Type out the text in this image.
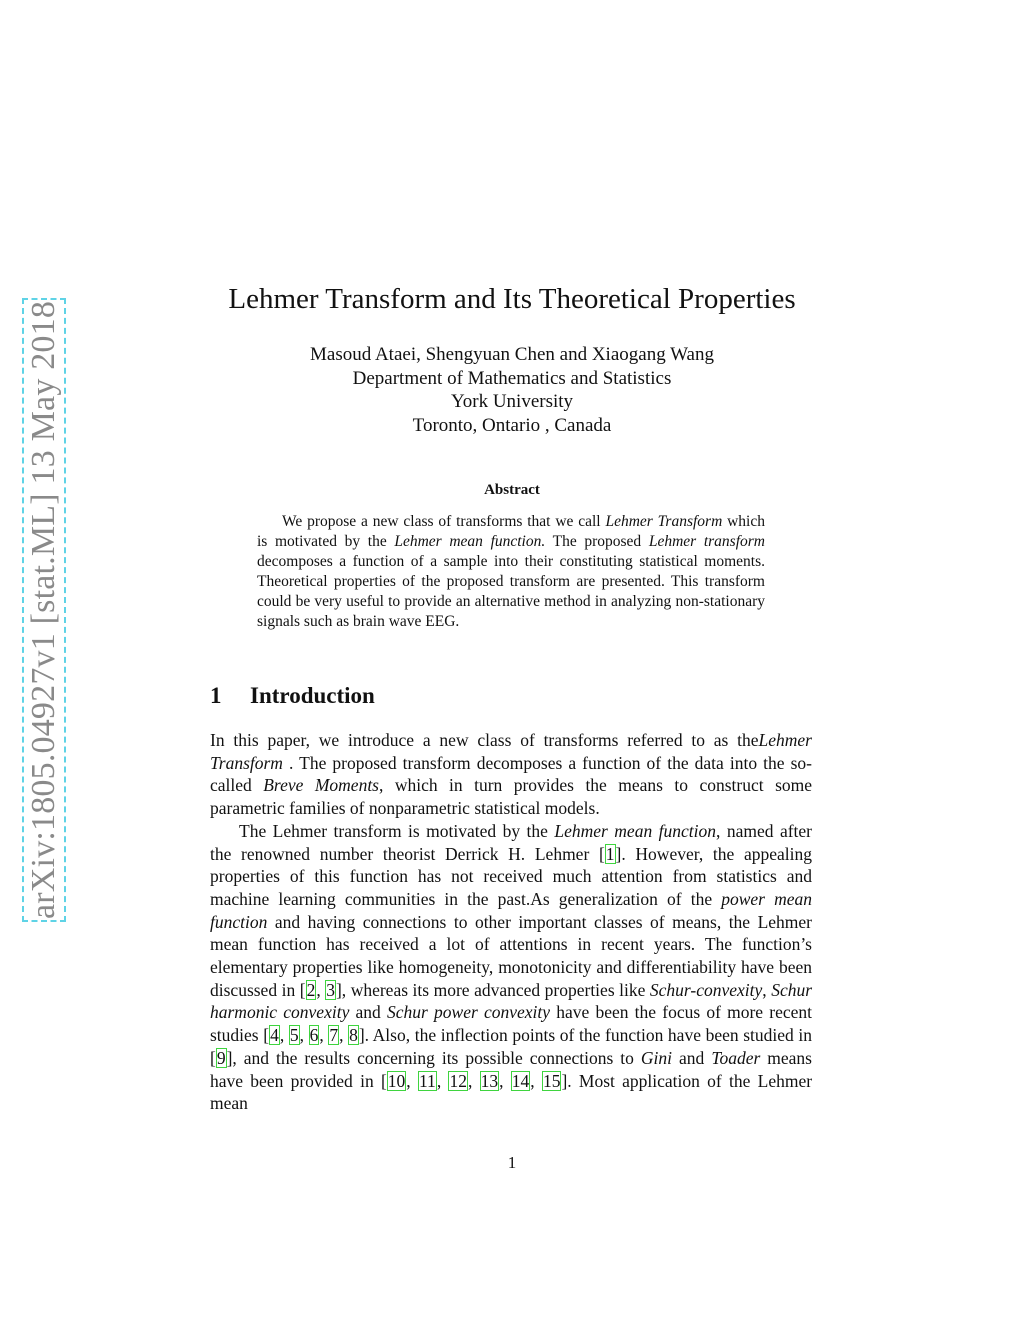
arXiv:1805.04927v1 [stat.ML] 13 May 2018
Lehmer Transform and Its Theoretical Properties
Masoud Ataei, Shengyuan Chen and Xiaogang Wang
Department of Mathematics and Statistics
York University
Toronto, Ontario , Canada
Abstract

We propose a new class of transforms that we call Lehmer Transform which is motivated by the Lehmer mean function. The proposed Lehmer transform decomposes a function of a sample into their constituting statistical moments. Theoretical properties of the proposed transform are presented. This transform could be very useful to provide an alternative method in analyzing non-stationary signals such as brain wave EEG.

1 Introduction

In this paper, we introduce a new class of transforms referred to as theLehmer Transform . The proposed transform decomposes a function of the data into the so-called Breve Moments, which in turn provides the means to construct some parametric families of nonparametric statistical models.

The Lehmer transform is motivated by the Lehmer mean function, named after the renowned number theorist Derrick H. Lehmer [1]. However, the appealing properties of this function has not received much attention from statistics and machine learning communities in the past.As generalization of the power mean function and having connections to other important classes of means, the Lehmer mean function has received a lot of attentions in recent years. The function’s elementary properties like homogeneity, monotonicity and differentiability have been discussed in [2, 3], whereas its more advanced properties like Schur-convexity, Schur harmonic convexity and Schur power convexity have been the focus of more recent studies [4, 5, 6, 7, 8]. Also, the inflection points of the function have been studied in [9], and the results concerning its possible connections to Gini and Toader means have been provided in [10, 11, 12, 13, 14, 15]. Most application of the Lehmer mean

1
